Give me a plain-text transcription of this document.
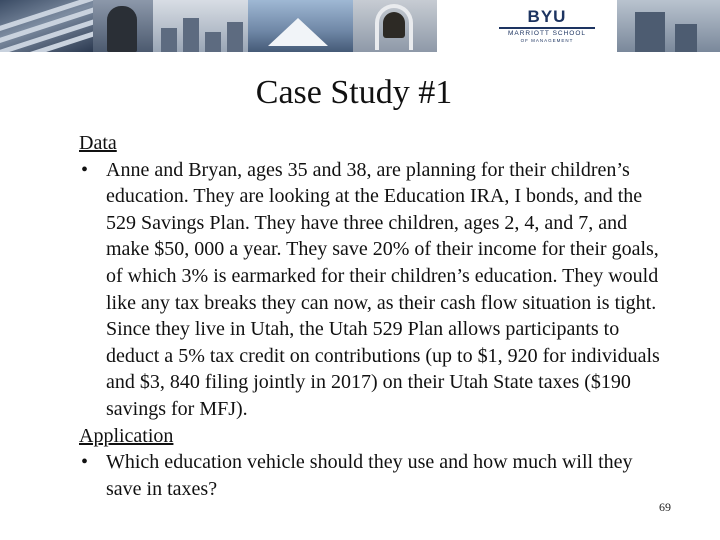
BYU
MARRIOTT SCHOOL
OF MANAGEMENT
Case Study #1
Data
• Anne and Bryan, ages 35 and 38, are planning for their children’s education. They are looking at the Education IRA, I bonds, and the 529 Savings Plan. They have three children, ages 2, 4, and 7, and make $50, 000 a year. They save 20% of their income for their goals, of which 3% is earmarked for their children’s education. They would like any tax breaks they can now, as their cash flow situation is tight. Since they live in Utah, the Utah 529 Plan allows participants to deduct a 5% tax credit on contributions (up to $1, 920 for individuals and $3, 840 filing jointly in 2017) on their Utah State taxes ($190 savings for MFJ).
Application
• Which education vehicle should they use and how much will they save in taxes?
69
